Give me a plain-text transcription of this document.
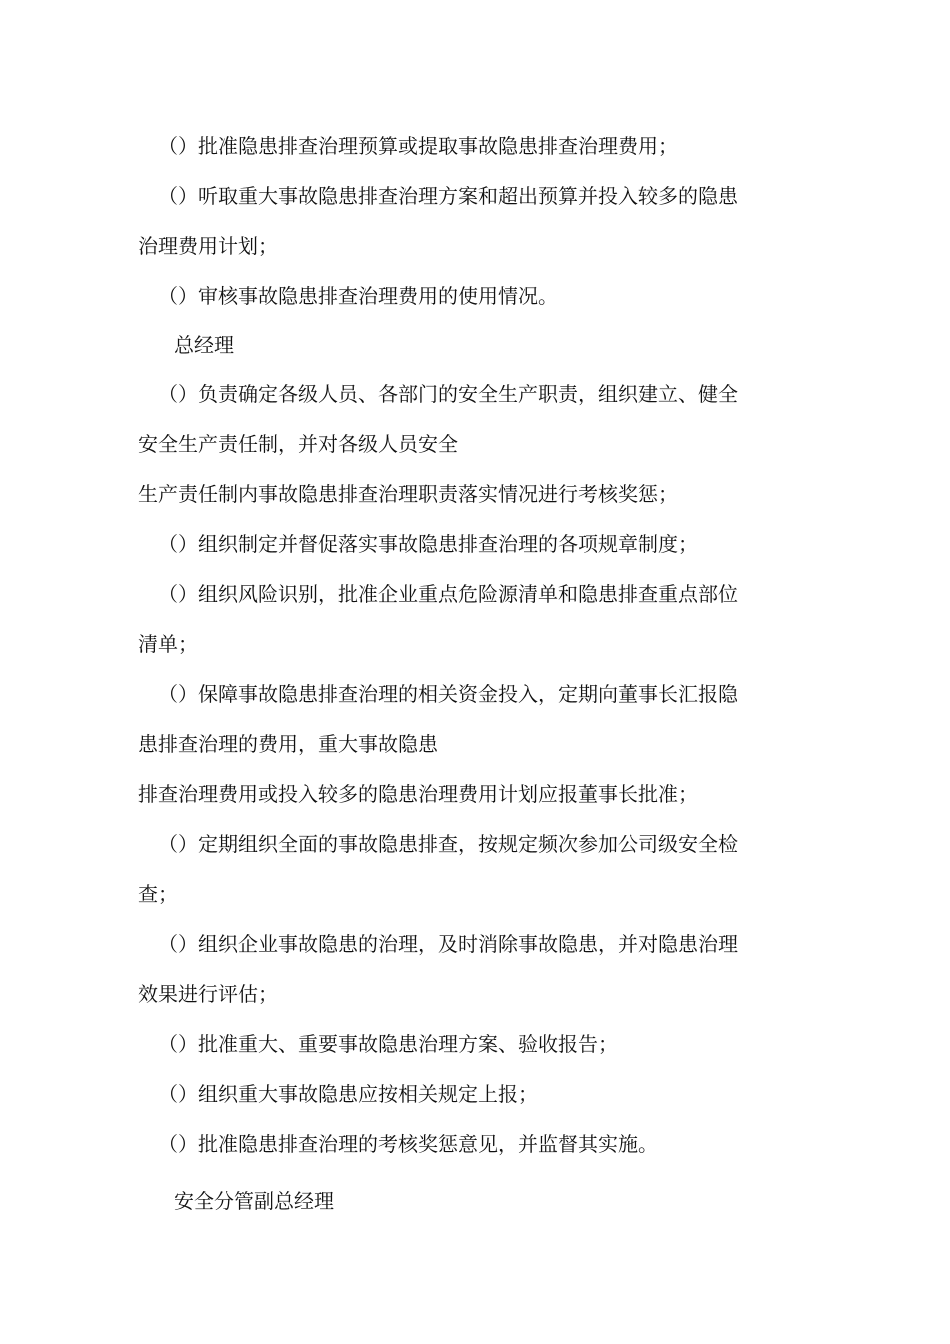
（）批准隐患排查治理预算或提取事故隐患排查治理费用；
（）听取重大事故隐患排查治理方案和超出预算并投入较多的隐患
治理费用计划；
（）审核事故隐患排查治理费用的使用情况。
总经理
（）负责确定各级人员、各部门的安全生产职责，组织建立、健全
安全生产责任制，并对各级人员安全
生产责任制内事故隐患排查治理职责落实情况进行考核奖惩；
（）组织制定并督促落实事故隐患排查治理的各项规章制度；
（）组织风险识别，批准企业重点危险源清单和隐患排查重点部位
清单；
（）保障事故隐患排查治理的相关资金投入，定期向董事长汇报隐
患排查治理的费用，重大事故隐患
排查治理费用或投入较多的隐患治理费用计划应报董事长批准；
（）定期组织全面的事故隐患排查，按规定频次参加公司级安全检
查；
（）组织企业事故隐患的治理，及时消除事故隐患，并对隐患治理
效果进行评估；
（）批准重大、重要事故隐患治理方案、验收报告；
（）组织重大事故隐患应按相关规定上报；
（）批准隐患排查治理的考核奖惩意见，并监督其实施。
安全分管副总经理
